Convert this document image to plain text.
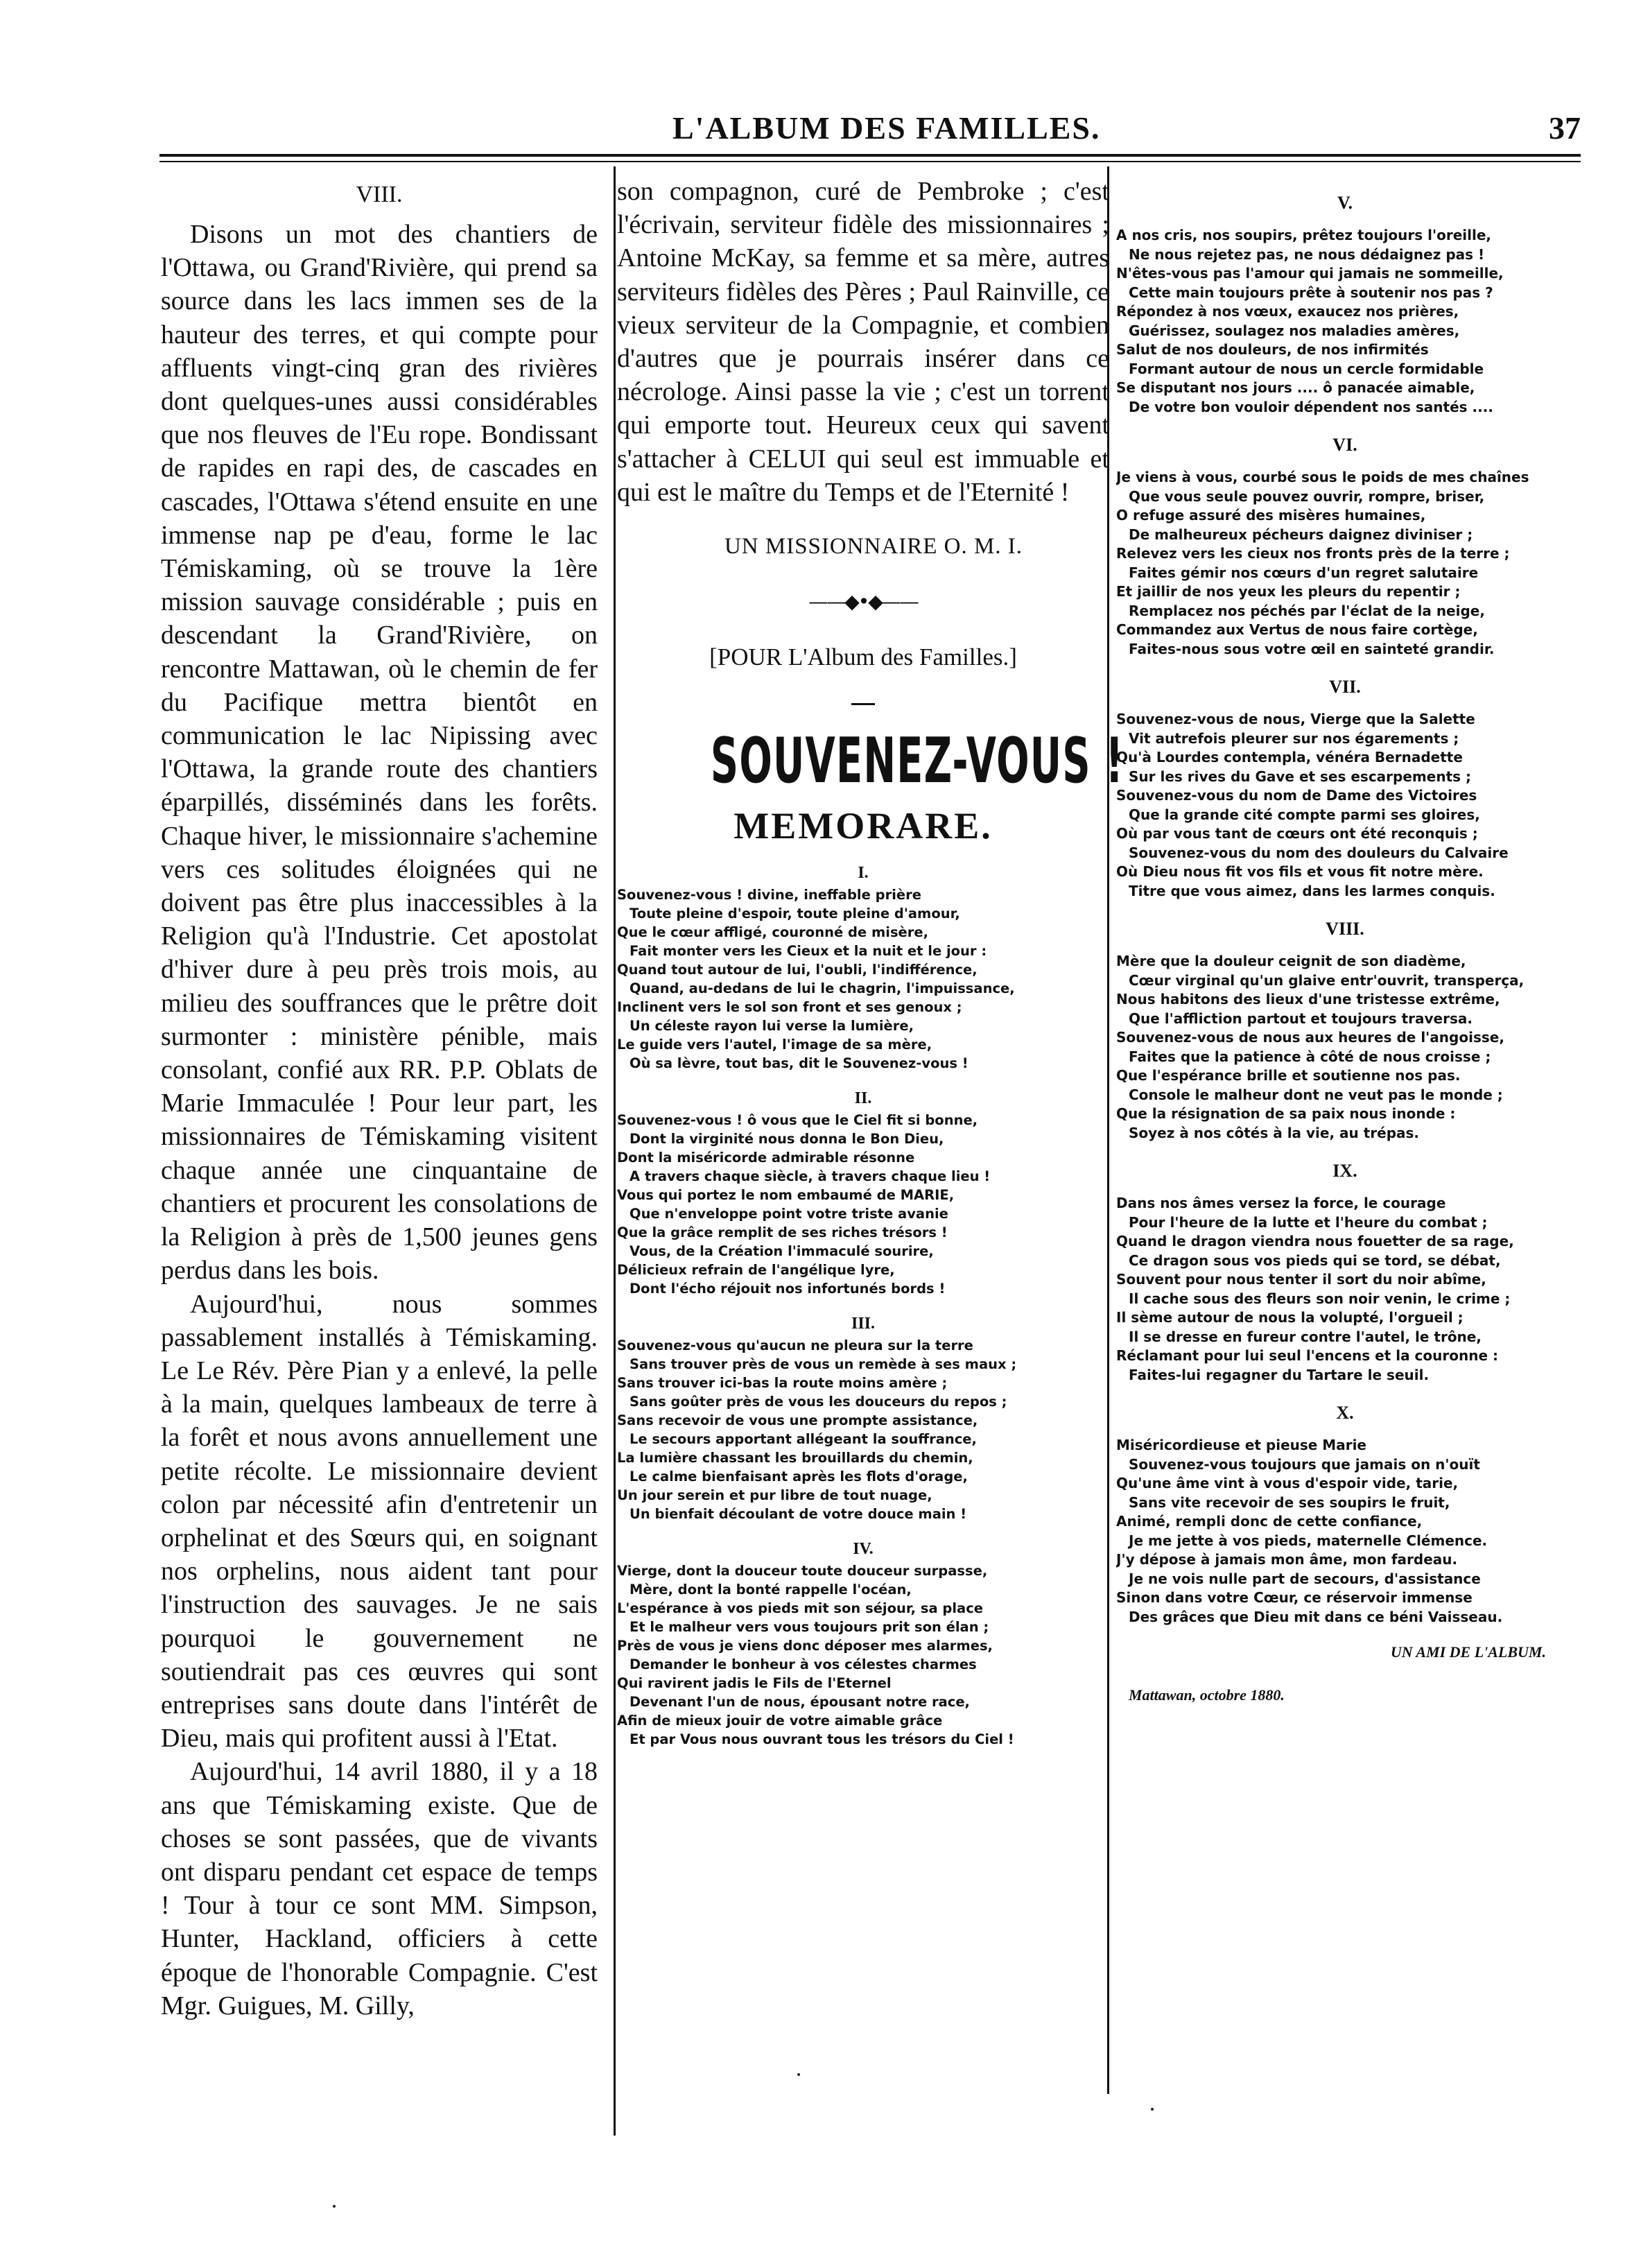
L'ALBUM DES FAMILLES.	37
VIII.

Disons un mot des chantiers de l'Ottawa, ou Grand'Rivière, qui prend sa source dans les lacs immen ses de la hauteur des terres, et qui compte pour affluents vingt-cinq gran des rivières dont quelques-unes aussi considérables que nos fleuves de l'Eu rope. Bondissant de rapides en rapi des, de cascades en cascades, l'Ottawa s'étend ensuite en une immense nap pe d'eau, forme le lac Témiskaming, où se trouve la 1ère mission sauvage considérable ; puis en descendant la Grand'Rivière, on rencontre Mattawan, où le chemin de fer du Pacifique mettra bientôt en communication le lac Nipissing avec l'Ottawa, la grande route des chantiers éparpillés, disséminés dans les forêts. Chaque hiver, le missionnaire s'achemine vers ces solitudes éloignées qui ne doivent pas être plus inaccessibles à la Religion qu'à l'Industrie. Cet apostolat d'hiver dure à peu près trois mois, au milieu des souffrances que le prêtre doit surmonter : ministère pénible, mais consolant, confié aux RR. P.P. Oblats de Marie Immaculée ! Pour leur part, les missionnaires de Témiskaming visitent chaque année une cinquantaine de chantiers et procurent les consolations de la Religion à près de 1,500 jeunes gens perdus dans les bois.

Aujourd'hui, nous sommes passablement installés à Témiskaming. Le Le Rév. Père Pian y a enlevé, la pelle à la main, quelques lambeaux de terre à la forêt et nous avons annuellement une petite récolte. Le missionnaire devient colon par nécessité afin d'entretenir un orphelinat et des Sœurs qui, en soignant nos orphelins, nous aident tant pour l'instruction des sauvages. Je ne sais pourquoi le gouvernement ne soutiendrait pas ces œuvres qui sont entreprises sans doute dans l'intérêt de Dieu, mais qui profitent aussi à l'Etat.

Aujourd'hui, 14 avril 1880, il y a 18 ans que Témiskaming existe. Que de choses se sont passées, que de vivants ont disparu pendant cet espace de temps ! Tour à tour ce sont MM. Simpson, Hunter, Hackland, officiers à cette époque de l'honorable Compagnie. C'est Mgr. Guigues, M. Gilly,

son compagnon, curé de Pembroke ; c'est l'écrivain, serviteur fidèle des missionnaires ; Antoine McKay, sa femme et sa mère, autres serviteurs fidèles des Pères ; Paul Rainville, ce vieux serviteur de la Compagnie, et combien d'autres que je pourrais insérer dans ce nécrologe. Ainsi passe la vie ; c'est un torrent qui emporte tout. Heureux ceux qui savent s'attacher à CELUI qui seul est immuable et qui est le maître du Temps et de l'Eternité !

UN MISSIONNAIRE O. M. I.
——◆•◆——
[POUR L'Album des Familles.]
SOUVENEZ-VOUS !
MEMORARE.
I.
Souvenez-vous ! divine, ineffable prière
Toute pleine d'espoir, toute pleine d'amour,
Que le cœur affligé, couronné de misère,
Fait monter vers les Cieux et la nuit et le jour :
Quand tout autour de lui, l'oubli, l'indifférence,
Quand, au-dedans de lui le chagrin, l'impuissance,
Inclinent vers le sol son front et ses genoux ;
Un céleste rayon lui verse la lumière,
Le guide vers l'autel, l'image de sa mère,
Où sa lèvre, tout bas, dit le Souvenez-vous !
II.
Souvenez-vous ! ô vous que le Ciel fit si bonne,
Dont la virginité nous donna le Bon Dieu,
Dont la miséricorde admirable résonne
A travers chaque siècle, à travers chaque lieu !
Vous qui portez le nom embaumé de MARIE,
Que n'enveloppe point votre triste avanie
Que la grâce remplit de ses riches trésors !
Vous, de la Création l'immaculé sourire,
Délicieux refrain de l'angélique lyre,
Dont l'écho réjouit nos infortunés bords !
III.
Souvenez-vous qu'aucun ne pleura sur la terre
Sans trouver près de vous un remède à ses maux ;
Sans trouver ici-bas la route moins amère ;
Sans goûter près de vous les douceurs du repos ;
Sans recevoir de vous une prompte assistance,
Le secours apportant allégeant la souffrance,
La lumière chassant les brouillards du chemin,
Le calme bienfaisant après les flots d'orage,
Un jour serein et pur libre de tout nuage,
Un bienfait découlant de votre douce main !
IV.
Vierge, dont la douceur toute douceur surpasse,
Mère, dont la bonté rappelle l'océan,
L'espérance à vos pieds mit son séjour, sa place
Et le malheur vers vous toujours prit son élan ;
Près de vous je viens donc déposer mes alarmes,
Demander le bonheur à vos célestes charmes
Qui ravirent jadis le Fils de l'Eternel
Devenant l'un de nous, épousant notre race,
Afin de mieux jouir de votre aimable grâce
Et par Vous nous ouvrant tous les trésors du Ciel !
V.
A nos cris, nos soupirs, prêtez toujours l'oreille,
Ne nous rejetez pas, ne nous dédaignez pas !
N'êtes-vous pas l'amour qui jamais ne sommeille,
Cette main toujours prête à soutenir nos pas ?
Répondez à nos vœux, exaucez nos prières,
Guérissez, soulagez nos maladies amères,
Salut de nos douleurs, de nos infirmités
Formant autour de nous un cercle formidable
Se disputant nos jours .... ô panacée aimable,
De votre bon vouloir dépendent nos santés ....
VI.
Je viens à vous, courbé sous le poids de mes chaînes
Que vous seule pouvez ouvrir, rompre, briser,
O refuge assuré des misères humaines,
De malheureux pécheurs daignez diviniser ;
Relevez vers les cieux nos fronts près de la terre ;
Faites gémir nos cœurs d'un regret salutaire
Et jaillir de nos yeux les pleurs du repentir ;
Remplacez nos péchés par l'éclat de la neige,
Commandez aux Vertus de nous faire cortège,
Faites-nous sous votre œil en sainteté grandir.
VII.
Souvenez-vous de nous, Vierge que la Salette
Vit autrefois pleurer sur nos égarements ;
Qu'à Lourdes contempla, vénéra Bernadette
Sur les rives du Gave et ses escarpements ;
Souvenez-vous du nom de Dame des Victoires
Que la grande cité compte parmi ses gloires,
Où par vous tant de cœurs ont été reconquis ;
Souvenez-vous du nom des douleurs du Calvaire
Où Dieu nous fit vos fils et vous fit notre mère.
Titre que vous aimez, dans les larmes conquis.
VIII.
Mère que la douleur ceignit de son diadème,
Cœur virginal qu'un glaive entr'ouvrit, transperça,
Nous habitons des lieux d'une tristesse extrême,
Que l'affliction partout et toujours traversa.
Souvenez-vous de nous aux heures de l'angoisse,
Faites que la patience à côté de nous croisse ;
Que l'espérance brille et soutienne nos pas.
Console le malheur dont ne veut pas le monde ;
Que la résignation de sa paix nous inonde :
Soyez à nos côtés à la vie, au trépas.
IX.
Dans nos âmes versez la force, le courage
Pour l'heure de la lutte et l'heure du combat ;
Quand le dragon viendra nous fouetter de sa rage,
Ce dragon sous vos pieds qui se tord, se débat,
Souvent pour nous tenter il sort du noir abîme,
Il cache sous des fleurs son noir venin, le crime ;
Il sème autour de nous la volupté, l'orgueil ;
Il se dresse en fureur contre l'autel, le trône,
Réclamant pour lui seul l'encens et la couronne :
Faites-lui regagner du Tartare le seuil.
X.
Miséricordieuse et pieuse Marie
Souvenez-vous toujours que jamais on n'ouït
Qu'une âme vint à vous d'espoir vide, tarie,
Sans vite recevoir de ses soupirs le fruit,
Animé, rempli donc de cette confiance,
Je me jette à vos pieds, maternelle Clémence.
J'y dépose à jamais mon âme, mon fardeau.
Je ne vois nulle part de secours, d'assistance
Sinon dans votre Cœur, ce réservoir immense
Des grâces que Dieu mit dans ce béni Vaisseau.
UN AMI DE L'ALBUM.
Mattawan, octobre 1880.
